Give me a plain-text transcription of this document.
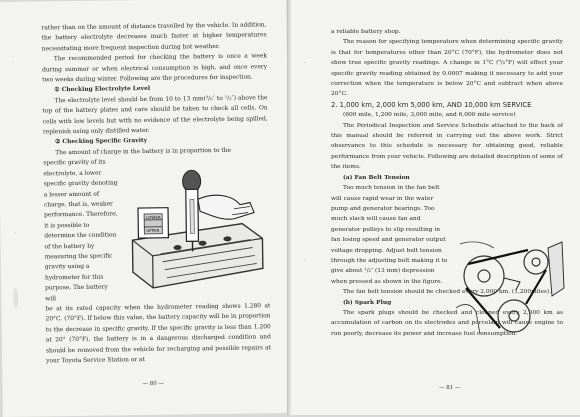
rather than on the amount of distance travelled by the vehicle. In addition, the battery electrolyte decreases much faster at higher temperatures necessitating more frequent inspection during hot weather.

The recommended period for checking the battery is once a week during summer or when electrical consumption is high, and once every two weeks during winter. Following are the procedures for inspection.

① Checking Electrolyte Level

The electrolyte level should be from 10 to 13 mm(³/₈″ to ¹/₂″) above the top of the battery plates and care should be taken to check all cells. On cells with low levels but with no evidence of the electrolyte being spilled, replenish using only distilled water.

② Checking Specific Gravity

The amount of charge in the battery is in proportion to the

specific gravity of its electrolyte, a lower specific gravity denoting a lesser amount of charge, that is, weaker performance. Therefore, it is possible to determine the condition of the battery by measuring the specific gravity using a hydrometer for this purpose. The battery will

be at its rated capacity when the hydrometer reading shows 1.280 at 20°C. (70°F). If below this value, the battery capacity will be in proportion to the decrease in specific gravity. If the specific gravity is less than 1.200 at 20° (70°F), the battery is in a dangerous discharged condition and should be removed from the vehicle for recharging and possible repairs at your Toyota Service Station or at

LOWER
UPPER
— 80 —
·
·

a reliable battery shop.

The reason for specifying temperature when determining specific gravity is that for temperatures other than 20°C (70°F), the hydrometer does not show true specific gravity readings. A change in 1°C (⁹/₅°F) will effect your specific gravity reading obtained by 0.0007 making it necessary to add your correction when the temperature is below 20°C and subtract when above 20°C.

2. 1,000 km, 2,000 km 5,000 km, AND 10,000 km SERVICE

(600 mile, 1,200 mile, 3,000 mile, and 6,000 mile service)

The Periodical Inspection and Service Schedule attached to the back of this manual should be referred in carrying out the above work. Strict observance to this schedule is necessary for obtaining good, reliable performance from your vehicle. Following are detailed description of some of the items.

(a) Fan Belt Tension

Too much tension in the fan belt will cause rapid wear in the water pump and generator bearings. Too much slack will cause fan and generator pulleys to slip resulting in fan losing speed and generator output voltage dropping. Adjust belt tension through the adjusting bolt making it to give about ¹/₂″ (13 mm) depression when pressed as shown in the figure.

The fan belt tension should be checked every 2,000 km. (1,200miles).

(b) Spark Plug

The spark plugs should be checked and cleaned every 2,000 km as accumulation of carbon on its electrodes and porcelain will cause engine to run poorly, decrease its power and increase fuel consumption.

— 81 —
·
·
